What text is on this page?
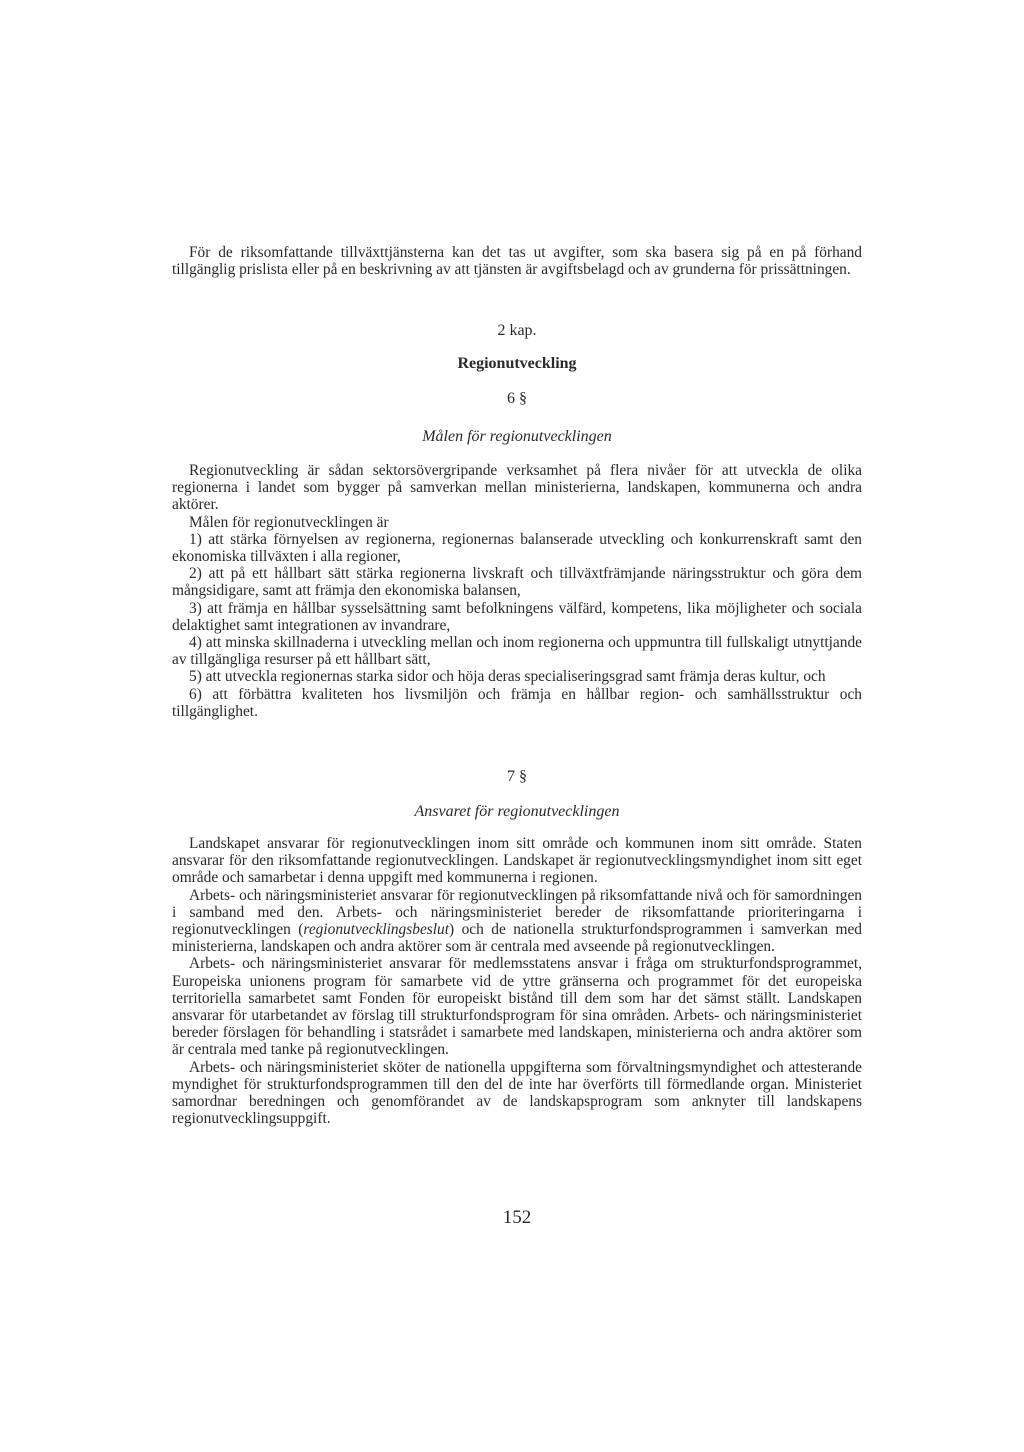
För de riksomfattande tillväxttjänsterna kan det tas ut avgifter, som ska basera sig på en på förhand tillgänglig prislista eller på en beskrivning av att tjänsten är avgiftsbelagd och av grunderna för prissättningen.

2 kap.
Regionutveckling
6 §
Målen för regionutvecklingen

Regionutveckling är sådan sektorsövergripande verksamhet på flera nivåer för att utveckla de olika regionerna i landet som bygger på samverkan mellan ministerierna, landskapen, kommunerna och andra aktörer.

Målen för regionutvecklingen är

1) att stärka förnyelsen av regionerna, regionernas balanserade utveckling och konkurrenskraft samt den ekonomiska tillväxten i alla regioner,

2) att på ett hållbart sätt stärka regionerna livskraft och tillväxtfrämjande näringsstruktur och göra dem mångsidigare, samt att främja den ekonomiska balansen,

3) att främja en hållbar sysselsättning samt befolkningens välfärd, kompetens, lika möjligheter och sociala delaktighet samt integrationen av invandrare,

4) att minska skillnaderna i utveckling mellan och inom regionerna och uppmuntra till fullskaligt utnyttjande av tillgängliga resurser på ett hållbart sätt,

5) att utveckla regionernas starka sidor och höja deras specialiseringsgrad samt främja deras kultur, och

6) att förbättra kvaliteten hos livsmiljön och främja en hållbar region- och samhällsstruktur och tillgänglighet.

7 §
Ansvaret för regionutvecklingen

Landskapet ansvarar för regionutvecklingen inom sitt område och kommunen inom sitt område. Staten ansvarar för den riksomfattande regionutvecklingen. Landskapet är regionutvecklingsmyndighet inom sitt eget område och samarbetar i denna uppgift med kommunerna i regionen.

Arbets- och näringsministeriet ansvarar för regionutvecklingen på riksomfattande nivå och för samordningen i samband med den. Arbets- och näringsministeriet bereder de riksomfattande prioriteringarna i regionutvecklingen (regionutvecklingsbeslut) och de nationella strukturfondsprogrammen i samverkan med ministerierna, landskapen och andra aktörer som är centrala med avseende på regionutvecklingen.

Arbets- och näringsministeriet ansvarar för medlemsstatens ansvar i fråga om strukturfondsprogrammet, Europeiska unionens program för samarbete vid de yttre gränserna och programmet för det europeiska territoriella samarbetet samt Fonden för europeiskt bistånd till dem som har det sämst ställt. Landskapen ansvarar för utarbetandet av förslag till strukturfondsprogram för sina områden. Arbets- och näringsministeriet bereder förslagen för behandling i statsrådet i samarbete med landskapen, ministerierna och andra aktörer som är centrala med tanke på regionutvecklingen.

Arbets- och näringsministeriet sköter de nationella uppgifterna som förvaltningsmyndighet och attesterande myndighet för strukturfondsprogrammen till den del de inte har överförts till förmedlande organ. Ministeriet samordnar beredningen och genomförandet av de landskapsprogram som anknyter till landskapens regionutvecklingsuppgift.

152
